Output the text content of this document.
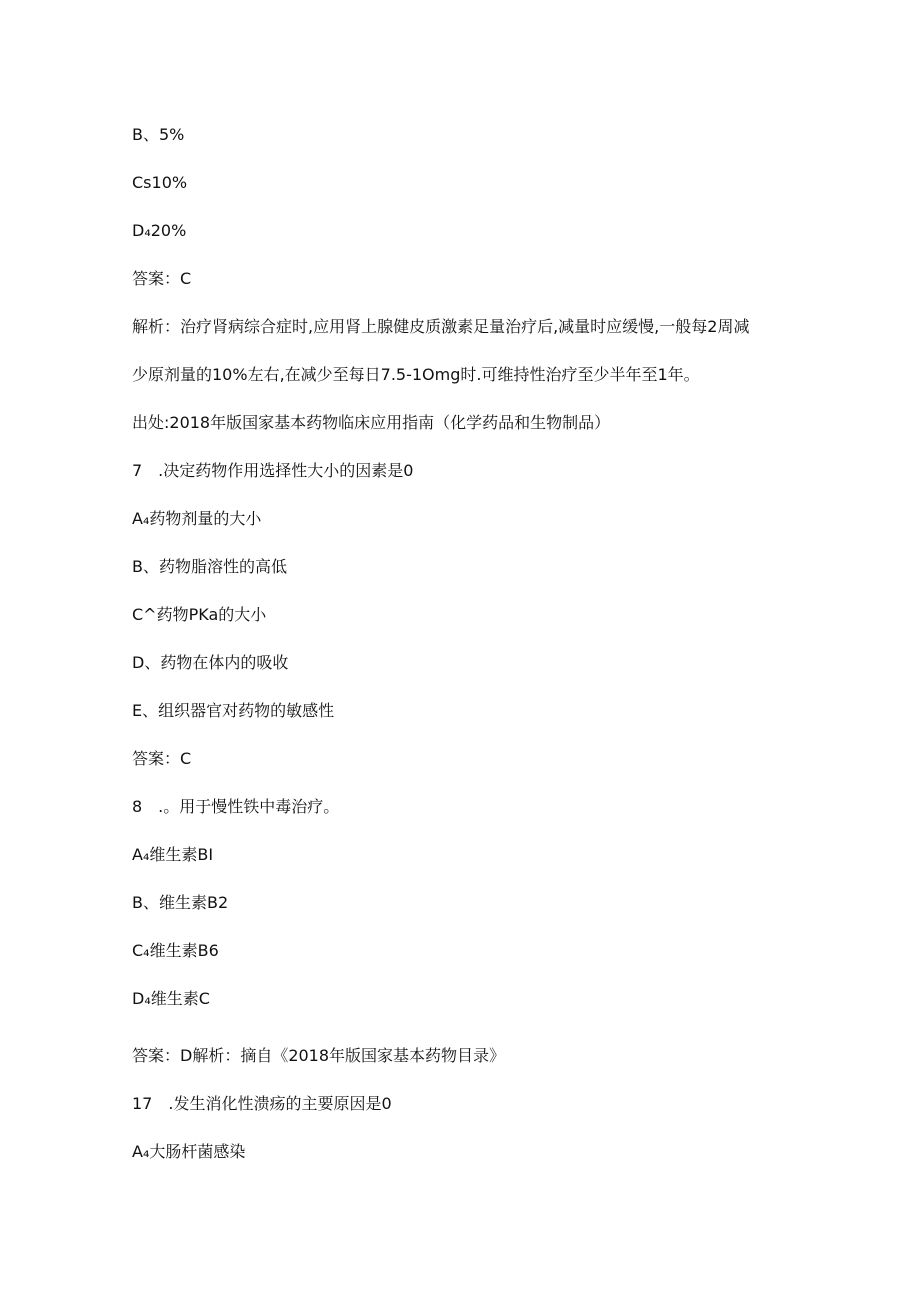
B、5%
Cs10%
D₄20%
答案：C
解析：治疗肾病综合症时,应用肾上腺健皮质激素足量治疗后,减量时应缓慢,一般每2周减
少原剂量的10%左右,在减少至每日7.5-1Omg时.可维持性治疗至少半年至1年。
出处:2018年版国家基本药物临床应用指南（化学药品和生物制品）
7　.决定药物作用选择性大小的因素是0
A₄药物剂量的大小
B、药物脂溶性的高低
C^药物PKa的大小
D、药物在体内的吸收
E、组织器官对药物的敏感性
答案：C
8　.。用于慢性铁中毒治疗。
A₄维生素BI
B、维生素B2
C₄维生素B6
D₄维生素C
答案：D解析：摘自《2018年版国家基本药物目录》
17　.发生消化性溃疡的主要原因是0
A₄大肠杆菌感染
